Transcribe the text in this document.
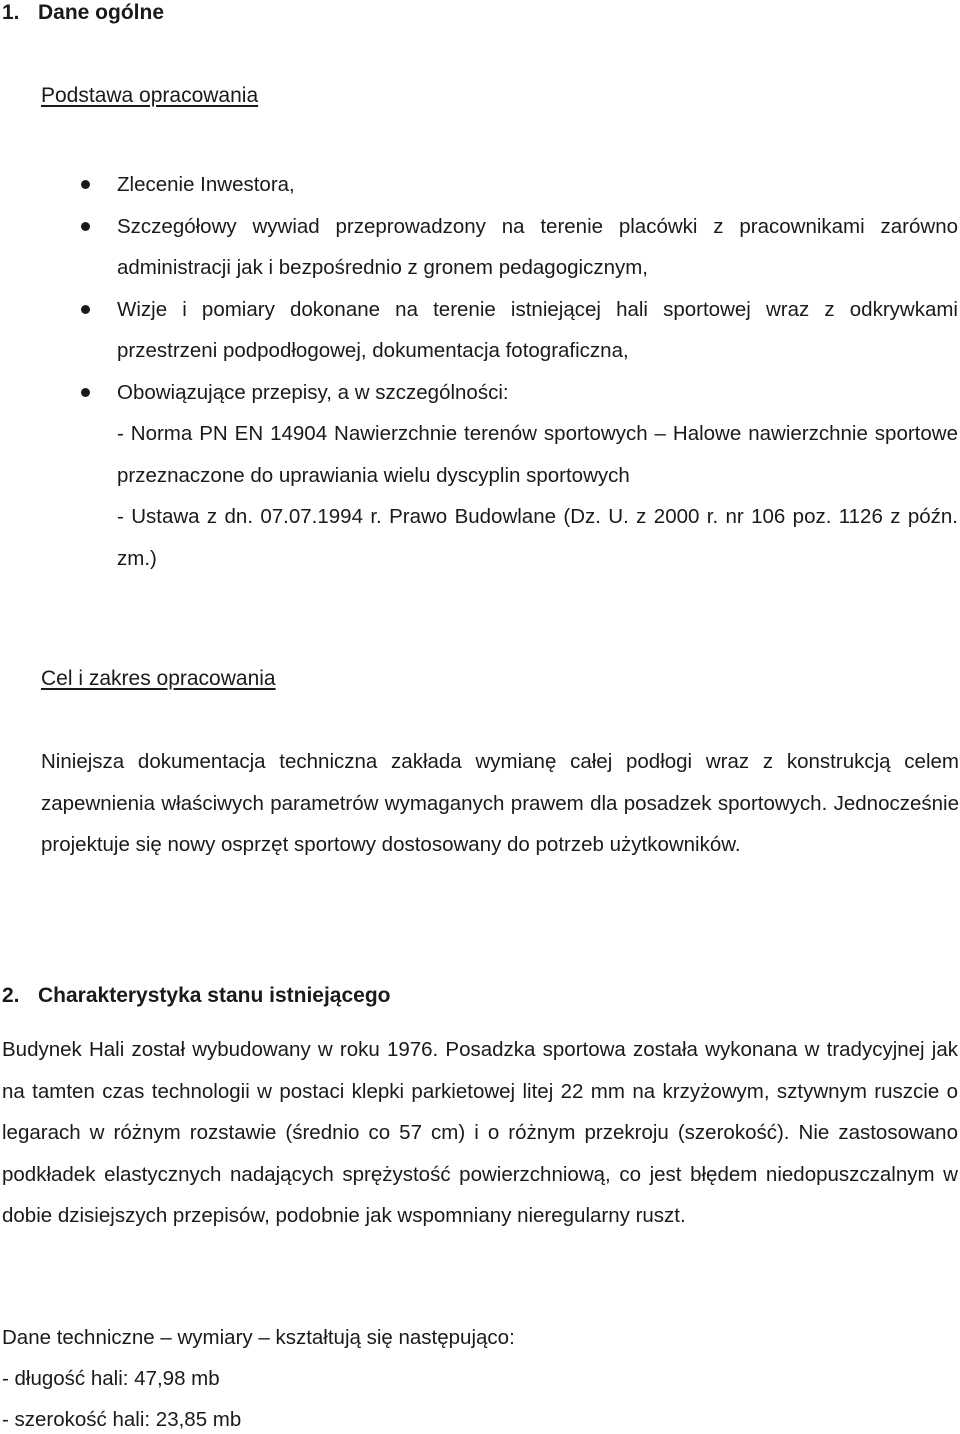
1. Dane ogólne
Podstawa opracowania
Zlecenie Inwestora,
Szczegółowy wywiad przeprowadzony na terenie placówki z pracownikami zarówno administracji jak i bezpośrednio z gronem pedagogicznym,
Wizje i pomiary dokonane na terenie istniejącej hali sportowej wraz z odkrywkami przestrzeni podpodłogowej, dokumentacja fotograficzna,
Obowiązujące przepisy, a w szczególności:
- Norma PN EN 14904 Nawierzchnie terenów sportowych – Halowe nawierzchnie sportowe przeznaczone do uprawiania wielu dyscyplin sportowych
- Ustawa z dn. 07.07.1994 r. Prawo Budowlane (Dz. U. z 2000 r. nr 106 poz. 1126 z późn. zm.)
Cel i zakres opracowania
Niniejsza dokumentacja techniczna zakłada wymianę całej podłogi wraz z konstrukcją celem zapewnienia właściwych parametrów wymaganych prawem dla posadzek sportowych. Jednocześnie projektuje się nowy osprzęt sportowy dostosowany do potrzeb użytkowników.
2. Charakterystyka stanu istniejącego
Budynek Hali został wybudowany w roku 1976. Posadzka sportowa została wykonana w tradycyjnej jak na tamten czas technologii w postaci klepki parkietowej litej 22 mm na krzyżowym, sztywnym ruszcie o legarach w różnym rozstawie (średnio co 57 cm) i o różnym przekroju (szerokość). Nie zastosowano podkładek elastycznych nadających sprężystość powierzchniową, co jest błędem niedopuszczalnym w dobie dzisiejszych przepisów, podobnie jak wspomniany nieregularny ruszt.
Dane techniczne – wymiary – kształtują się następująco:
- długość hali: 47,98 mb
- szerokość hali: 23,85 mb
